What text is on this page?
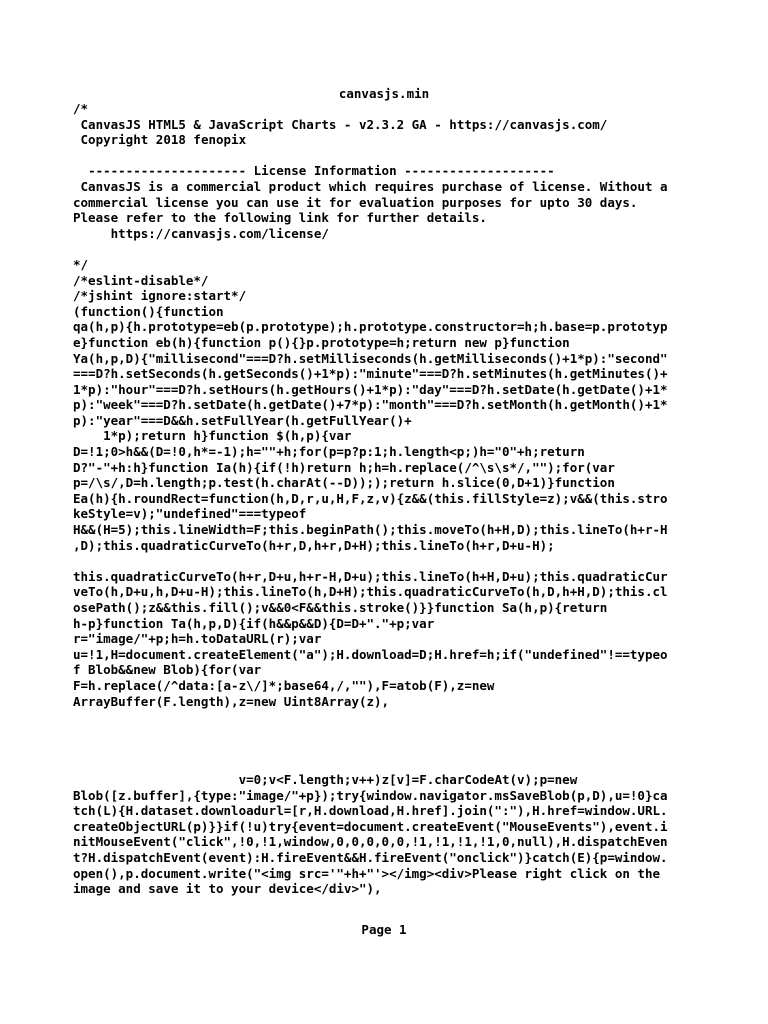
canvasjs.min
/*
CanvasJS HTML5 & JavaScript Charts - v2.3.2 GA - https://canvasjs.com/
Copyright 2018 fenopix

--------------------- License Information --------------------
CanvasJS is a commercial product which requires purchase of license. Without a
commercial license you can use it for evaluation purposes for upto 30 days.
Please refer to the following link for further details.
https://canvasjs.com/license/

*/
/*eslint-disable*/
/*jshint ignore:start*/
(function(){function
qa(h,p){h.prototype=eb(p.prototype);h.prototype.constructor=h;h.base=p.prototyp
e}function eb(h){function p(){}p.prototype=h;return new p}function
Ya(h,p,D){"millisecond"===D?h.setMilliseconds(h.getMilliseconds()+1*p):"second"
===D?h.setSeconds(h.getSeconds()+1*p):"minute"===D?h.setMinutes(h.getMinutes()+
1*p):"hour"===D?h.setHours(h.getHours()+1*p):"day"===D?h.setDate(h.getDate()+1*
p):"week"===D?h.setDate(h.getDate()+7*p):"month"===D?h.setMonth(h.getMonth()+1*
p):"year"===D&&h.setFullYear(h.getFullYear()+
1*p);return h}function $(h,p){var
D=!1;0>h&&(D=!0,h*=-1);h=""+h;for(p=p?p:1;h.length<p;)h="0"+h;return
D?"-"+h:h}function Ia(h){if(!h)return h;h=h.replace(/^\s\s*/,"");for(var
p=/\s/,D=h.length;p.test(h.charAt(--D)););return h.slice(0,D+1)}function
Ea(h){h.roundRect=function(h,D,r,u,H,F,z,v){z&&(this.fillStyle=z);v&&(this.stro
keStyle=v);"undefined"===typeof
H&&(H=5);this.lineWidth=F;this.beginPath();this.moveTo(h+H,D);this.lineTo(h+r-H
,D);this.quadraticCurveTo(h+r,D,h+r,D+H);this.lineTo(h+r,D+u-H);

this.quadraticCurveTo(h+r,D+u,h+r-H,D+u);this.lineTo(h+H,D+u);this.quadraticCur
veTo(h,D+u,h,D+u-H);this.lineTo(h,D+H);this.quadraticCurveTo(h,D,h+H,D);this.cl
osePath();z&&this.fill();v&&0<F&&this.stroke()}}function Sa(h,p){return
h-p}function Ta(h,p,D){if(h&&p&&D){D=D+"."+p;var
r="image/"+p;h=h.toDataURL(r);var
u=!1,H=document.createElement("a");H.download=D;H.href=h;if("undefined"!==typeo
f Blob&&new Blob){for(var
F=h.replace(/^data:[a-z\/]*;base64,/,""),F=atob(F),z=new
ArrayBuffer(F.length),z=new Uint8Array(z),
v=0;v<F.length;v++)z[v]=F.charCodeAt(v);p=new
Blob([z.buffer],{type:"image/"+p});try{window.navigator.msSaveBlob(p,D),u=!0}ca
tch(L){H.dataset.downloadurl=[r,H.download,H.href].join(":"),H.href=window.URL.
createObjectURL(p)}}if(!u)try{event=document.createEvent("MouseEvents"),event.i
nitMouseEvent("click",!0,!1,window,0,0,0,0,0,!1,!1,!1,!1,0,null),H.dispatchEven
t?H.dispatchEvent(event):H.fireEvent&&H.fireEvent("onclick")}catch(E){p=window.
open(),p.document.write("<img src='"+h+"'></img><div>Please right click on the
image and save it to your device</div>"),
Page 1
